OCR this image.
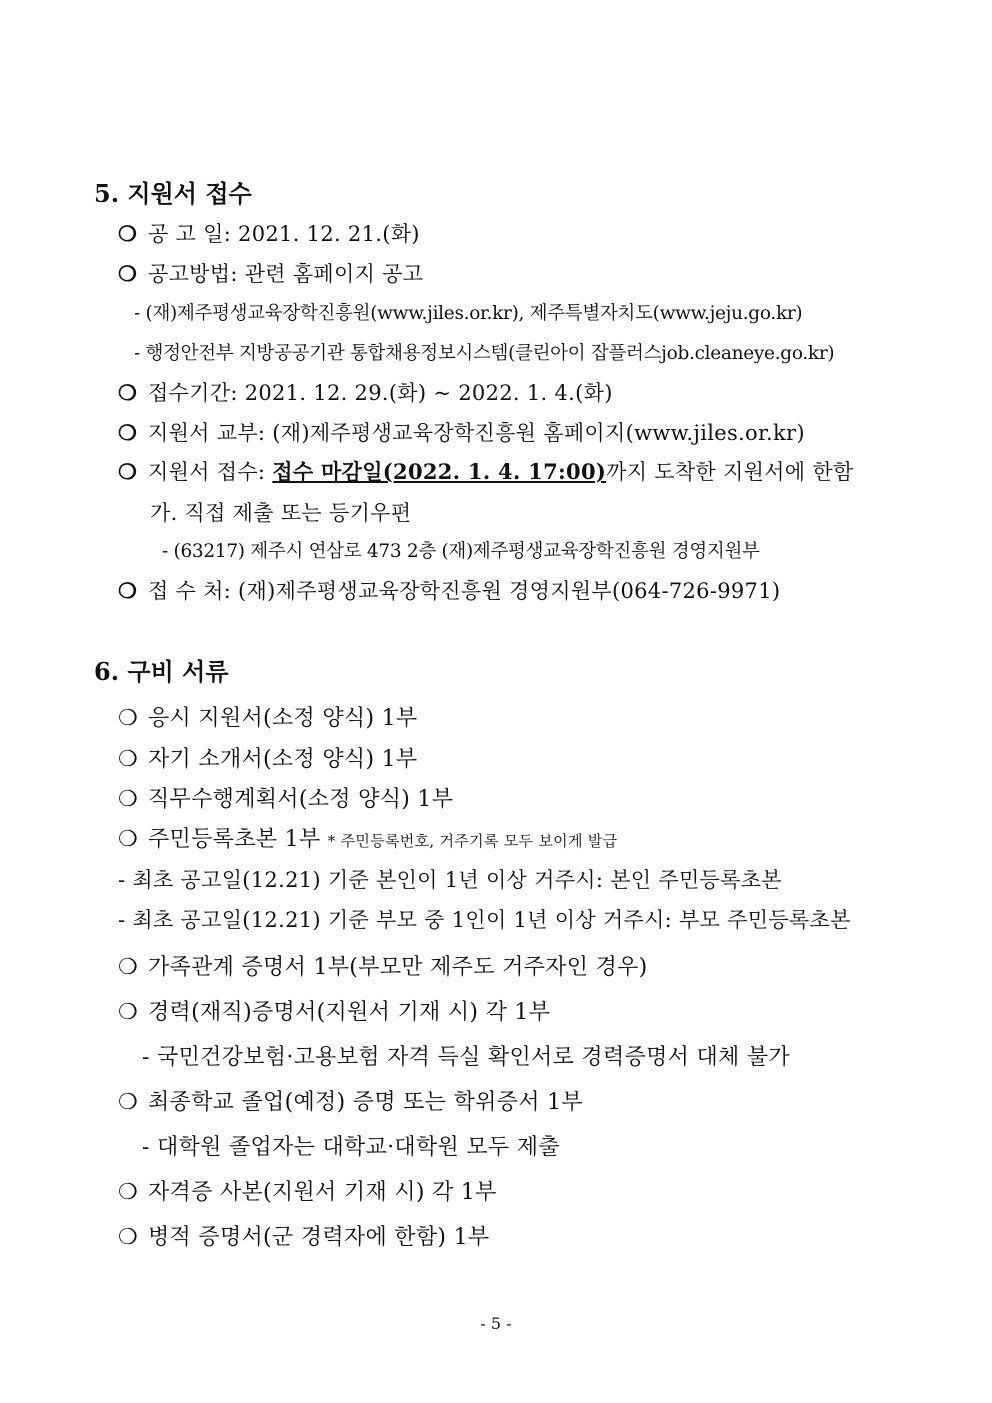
5. 지원서 접수
❍ 공 고 일: 2021. 12. 21.(화)
❍ 공고방법: 관련 홈페이지 공고
- (재)제주평생교육장학진흥원(www.jiles.or.kr), 제주특별자치도(www.jeju.go.kr)
- 행정안전부 지방공공기관 통합채용정보시스템(클린아이 잡플러스job.cleaneye.go.kr)
❍ 접수기간: 2021. 12. 29.(화) ~ 2022. 1. 4.(화)
❍ 지원서 교부: (재)제주평생교육장학진흥원 홈페이지(www.jiles.or.kr)
❍ 지원서 접수: 접수 마감일(2022. 1. 4. 17:00)까지 도착한 지원서에 한함
가. 직접 제출 또는 등기우편
- (63217) 제주시 연삼로 473 2층 (재)제주평생교육장학진흥원 경영지원부
❍ 접 수 처: (재)제주평생교육장학진흥원 경영지원부(064-726-9971)
6. 구비 서류
❍ 응시 지원서(소정 양식) 1부
❍ 자기 소개서(소정 양식) 1부
❍ 직무수행계획서(소정 양식) 1부
❍ 주민등록초본 1부 * 주민등록번호, 거주기록 모두 보이게 발급
- 최초 공고일(12.21) 기준 본인이 1년 이상 거주시: 본인 주민등록초본
- 최초 공고일(12.21) 기준 부모 중 1인이 1년 이상 거주시: 부모 주민등록초본
❍ 가족관계 증명서 1부(부모만 제주도 거주자인 경우)
❍ 경력(재직)증명서(지원서 기재 시) 각 1부
- 국민건강보험·고용보험 자격 득실 확인서로 경력증명서 대체 불가
❍ 최종학교 졸업(예정) 증명 또는 학위증서 1부
- 대학원 졸업자는 대학교·대학원 모두 제출
❍ 자격증 사본(지원서 기재 시) 각 1부
❍ 병적 증명서(군 경력자에 한함) 1부
- 5 -
